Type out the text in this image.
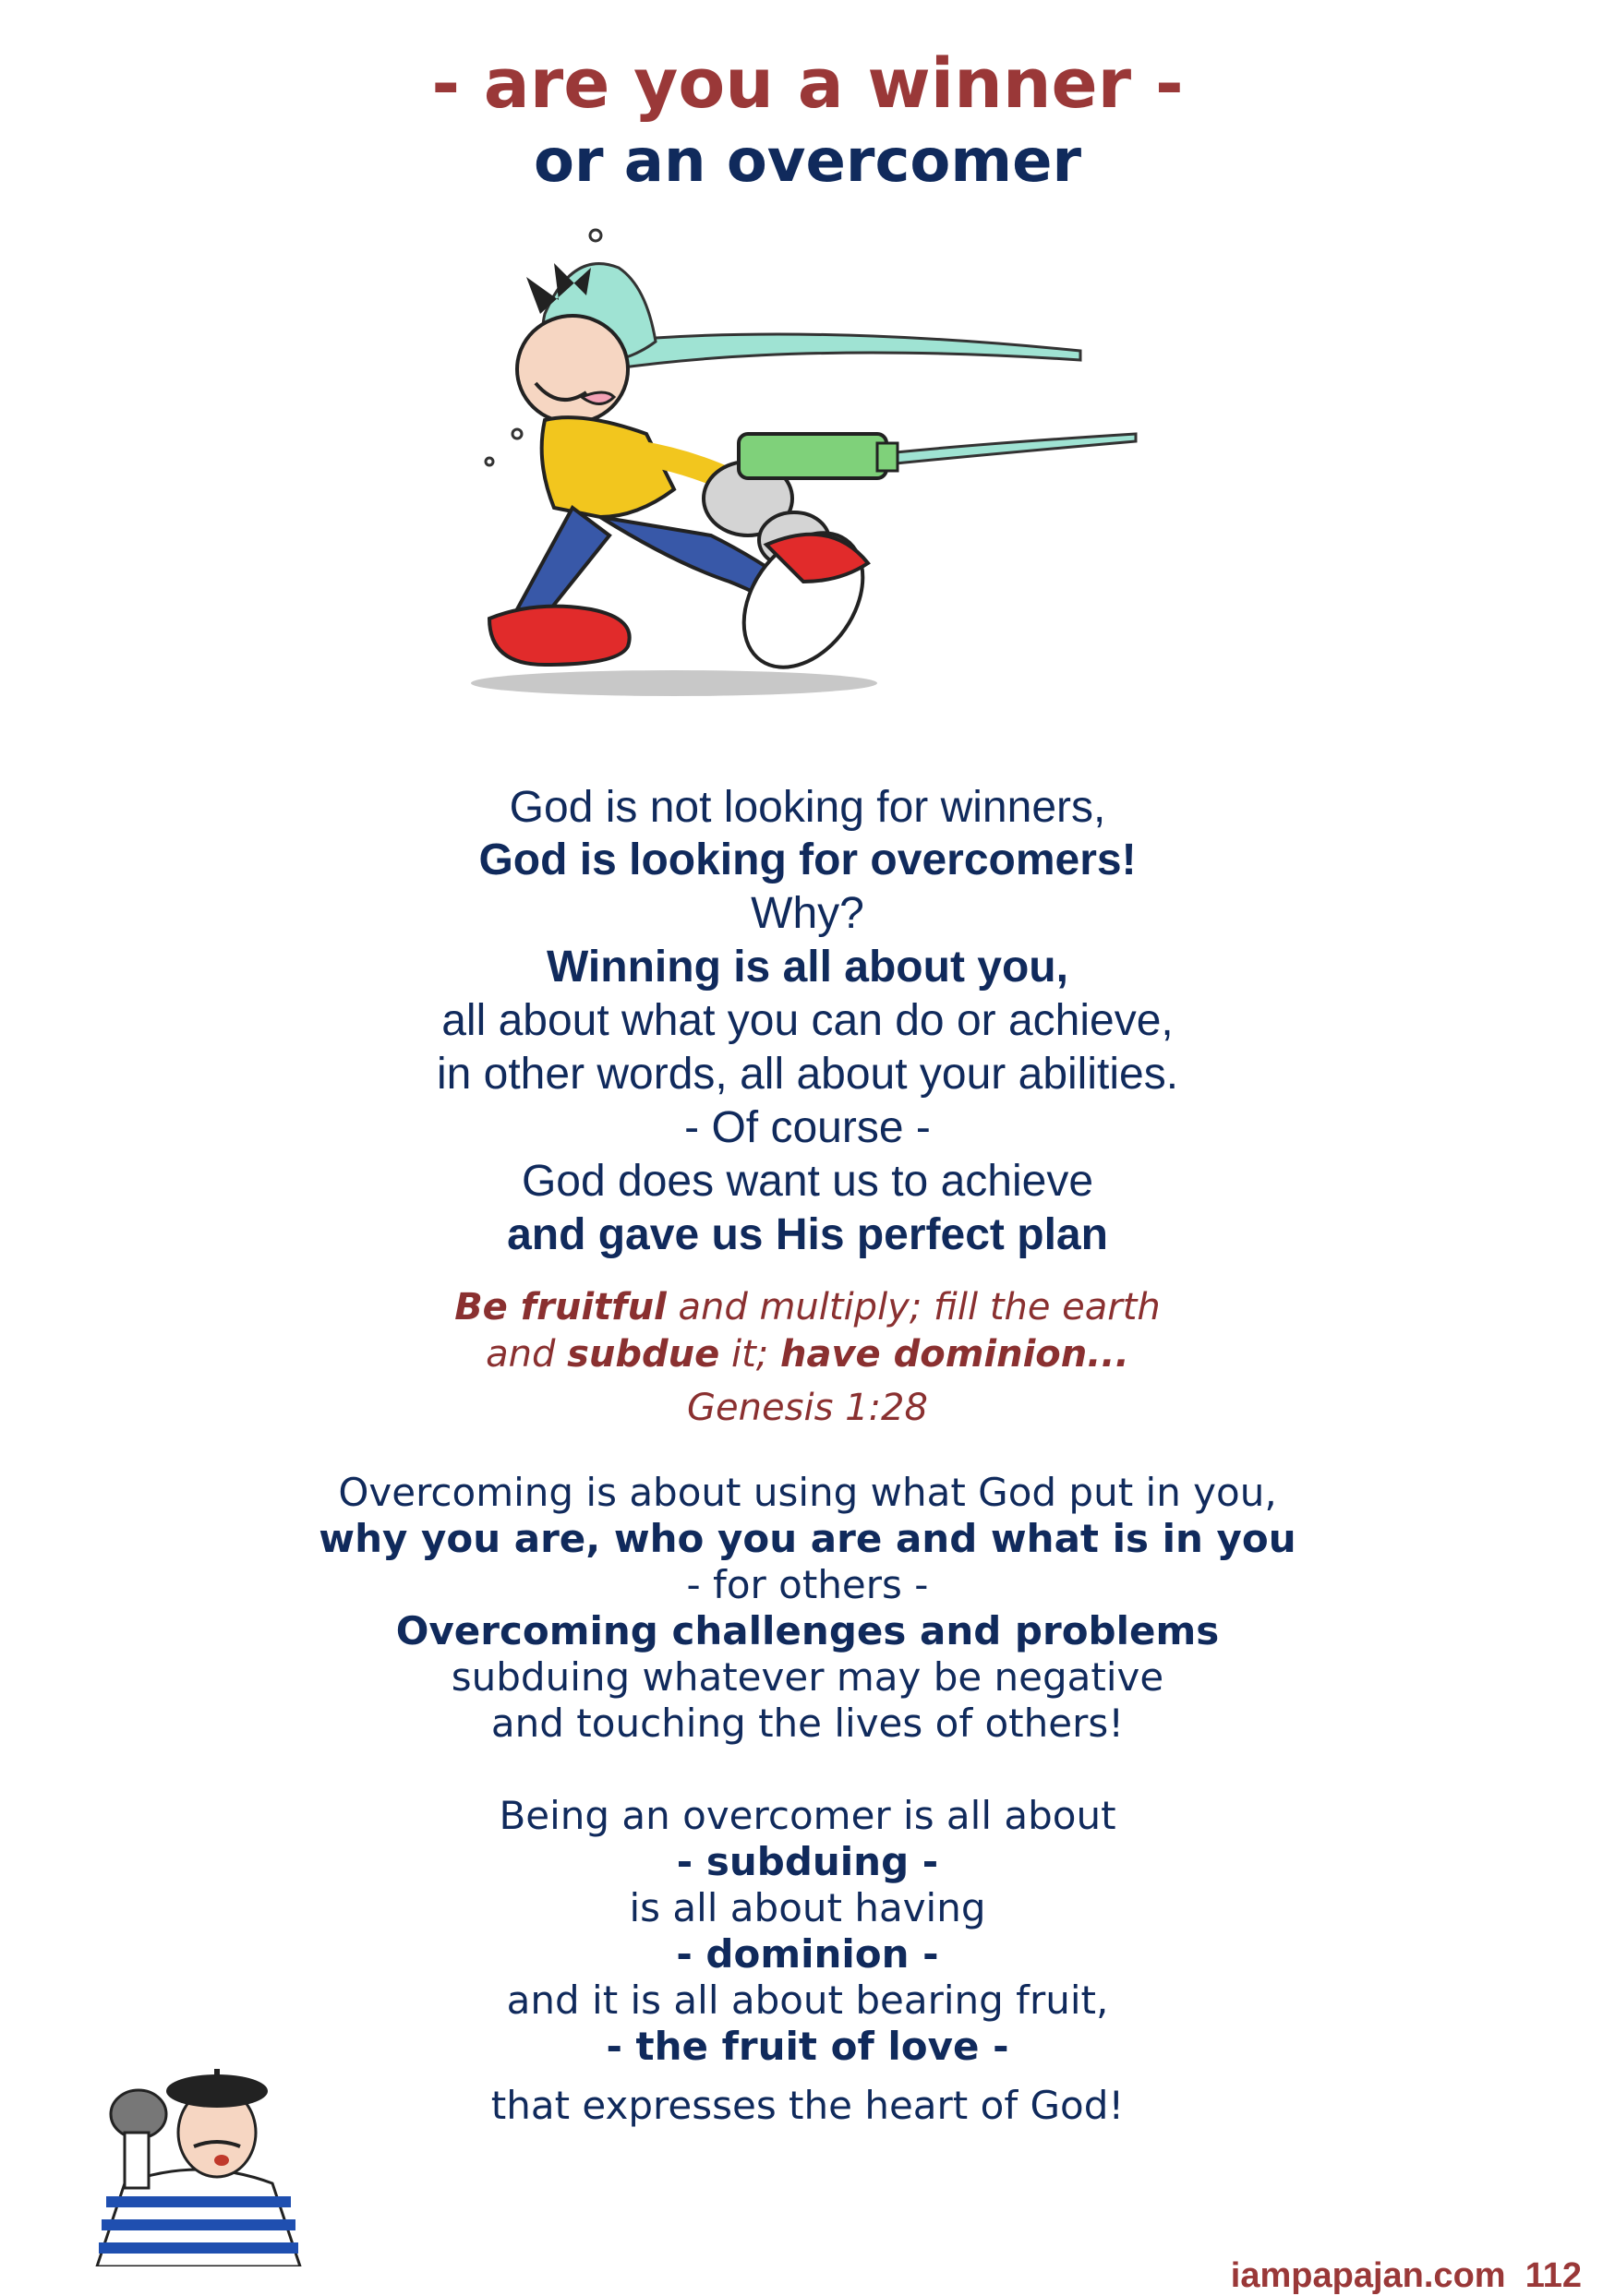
- are you a winner -
or an overcomer
God is not looking for winners,
God is looking for overcomers!
Why?
Winning is all about you,
all about what you can do or achieve,
in other words, all about your abilities.
- Of course -
God does want us to achieve
and gave us His perfect plan
Be fruitful and multiply; fill the earth
and subdue it; have dominion...
Genesis 1:28
Overcoming is about using what God put in you,
why you are, who you are and what is in you
- for others -
Overcoming challenges and problems
subduing whatever may be negative
and touching the lives of others!
Being an overcomer is all about
- subduing -
is all about having
- dominion -
and it is all about bearing fruit,
- the fruit of love -
that expresses the heart of God!
iampapajan.com 112
